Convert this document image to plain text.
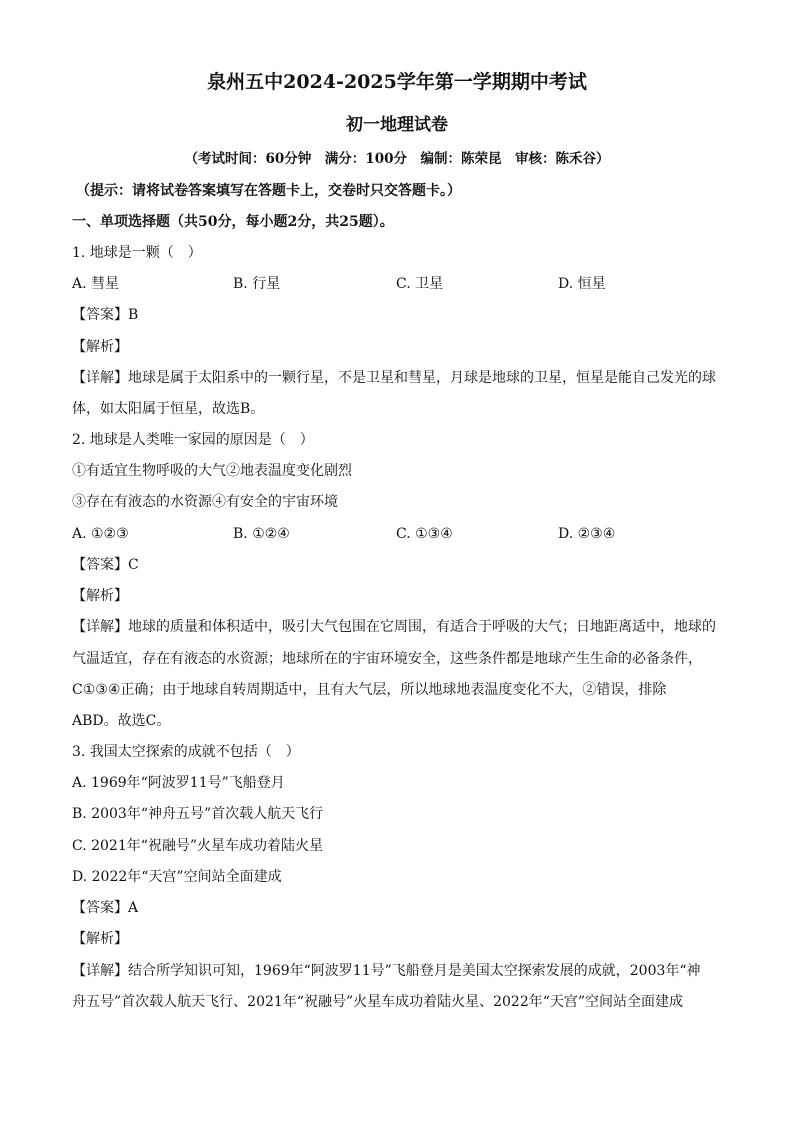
泉州五中2024-2025学年第一学期期中考试
初一地理试卷
（考试时间：60分钟　满分：100分　编制：陈荣昆　审核：陈禾谷）
（提示：请将试卷答案填写在答题卡上，交卷时只交答题卡。）
一、单项选择题（共50分，每小题2分，共25题）。
1. 地球是一颗（　）
A. 彗星	B. 行星	C. 卫星	D. 恒星
【答案】B
【解析】
【详解】地球是属于太阳系中的一颗行星，不是卫星和彗星，月球是地球的卫星，恒星是能自己发光的球
体，如太阳属于恒星，故选B。
2. 地球是人类唯一家园的原因是（　）
①有适宜生物呼吸的大气②地表温度变化剧烈
③存在有液态的水资源④有安全的宇宙环境
A. ①②③	B. ①②④	C. ①③④	D. ②③④
【答案】C
【解析】
【详解】地球的质量和体积适中，吸引大气包围在它周围，有适合于呼吸的大气；日地距离适中，地球的
气温适宜，存在有液态的水资源；地球所在的宇宙环境安全，这些条件都是地球产生生命的必备条件，
C①③④正确；由于地球自转周期适中，且有大气层，所以地球地表温度变化不大，②错误，排除
ABD。故选C。
3. 我国太空探索的成就不包括（　）
A. 1969年“阿波罗11号”飞船登月
B. 2003年“神舟五号”首次载人航天飞行
C. 2021年“祝融号”火星车成功着陆火星
D. 2022年“天宫”空间站全面建成
【答案】A
【解析】
【详解】结合所学知识可知，1969年“阿波罗11号”飞船登月是美国太空探索发展的成就，2003年“神
舟五号”首次载人航天飞行、2021年“祝融号”火星车成功着陆火星、2022年“天宫”空间站全面建成
